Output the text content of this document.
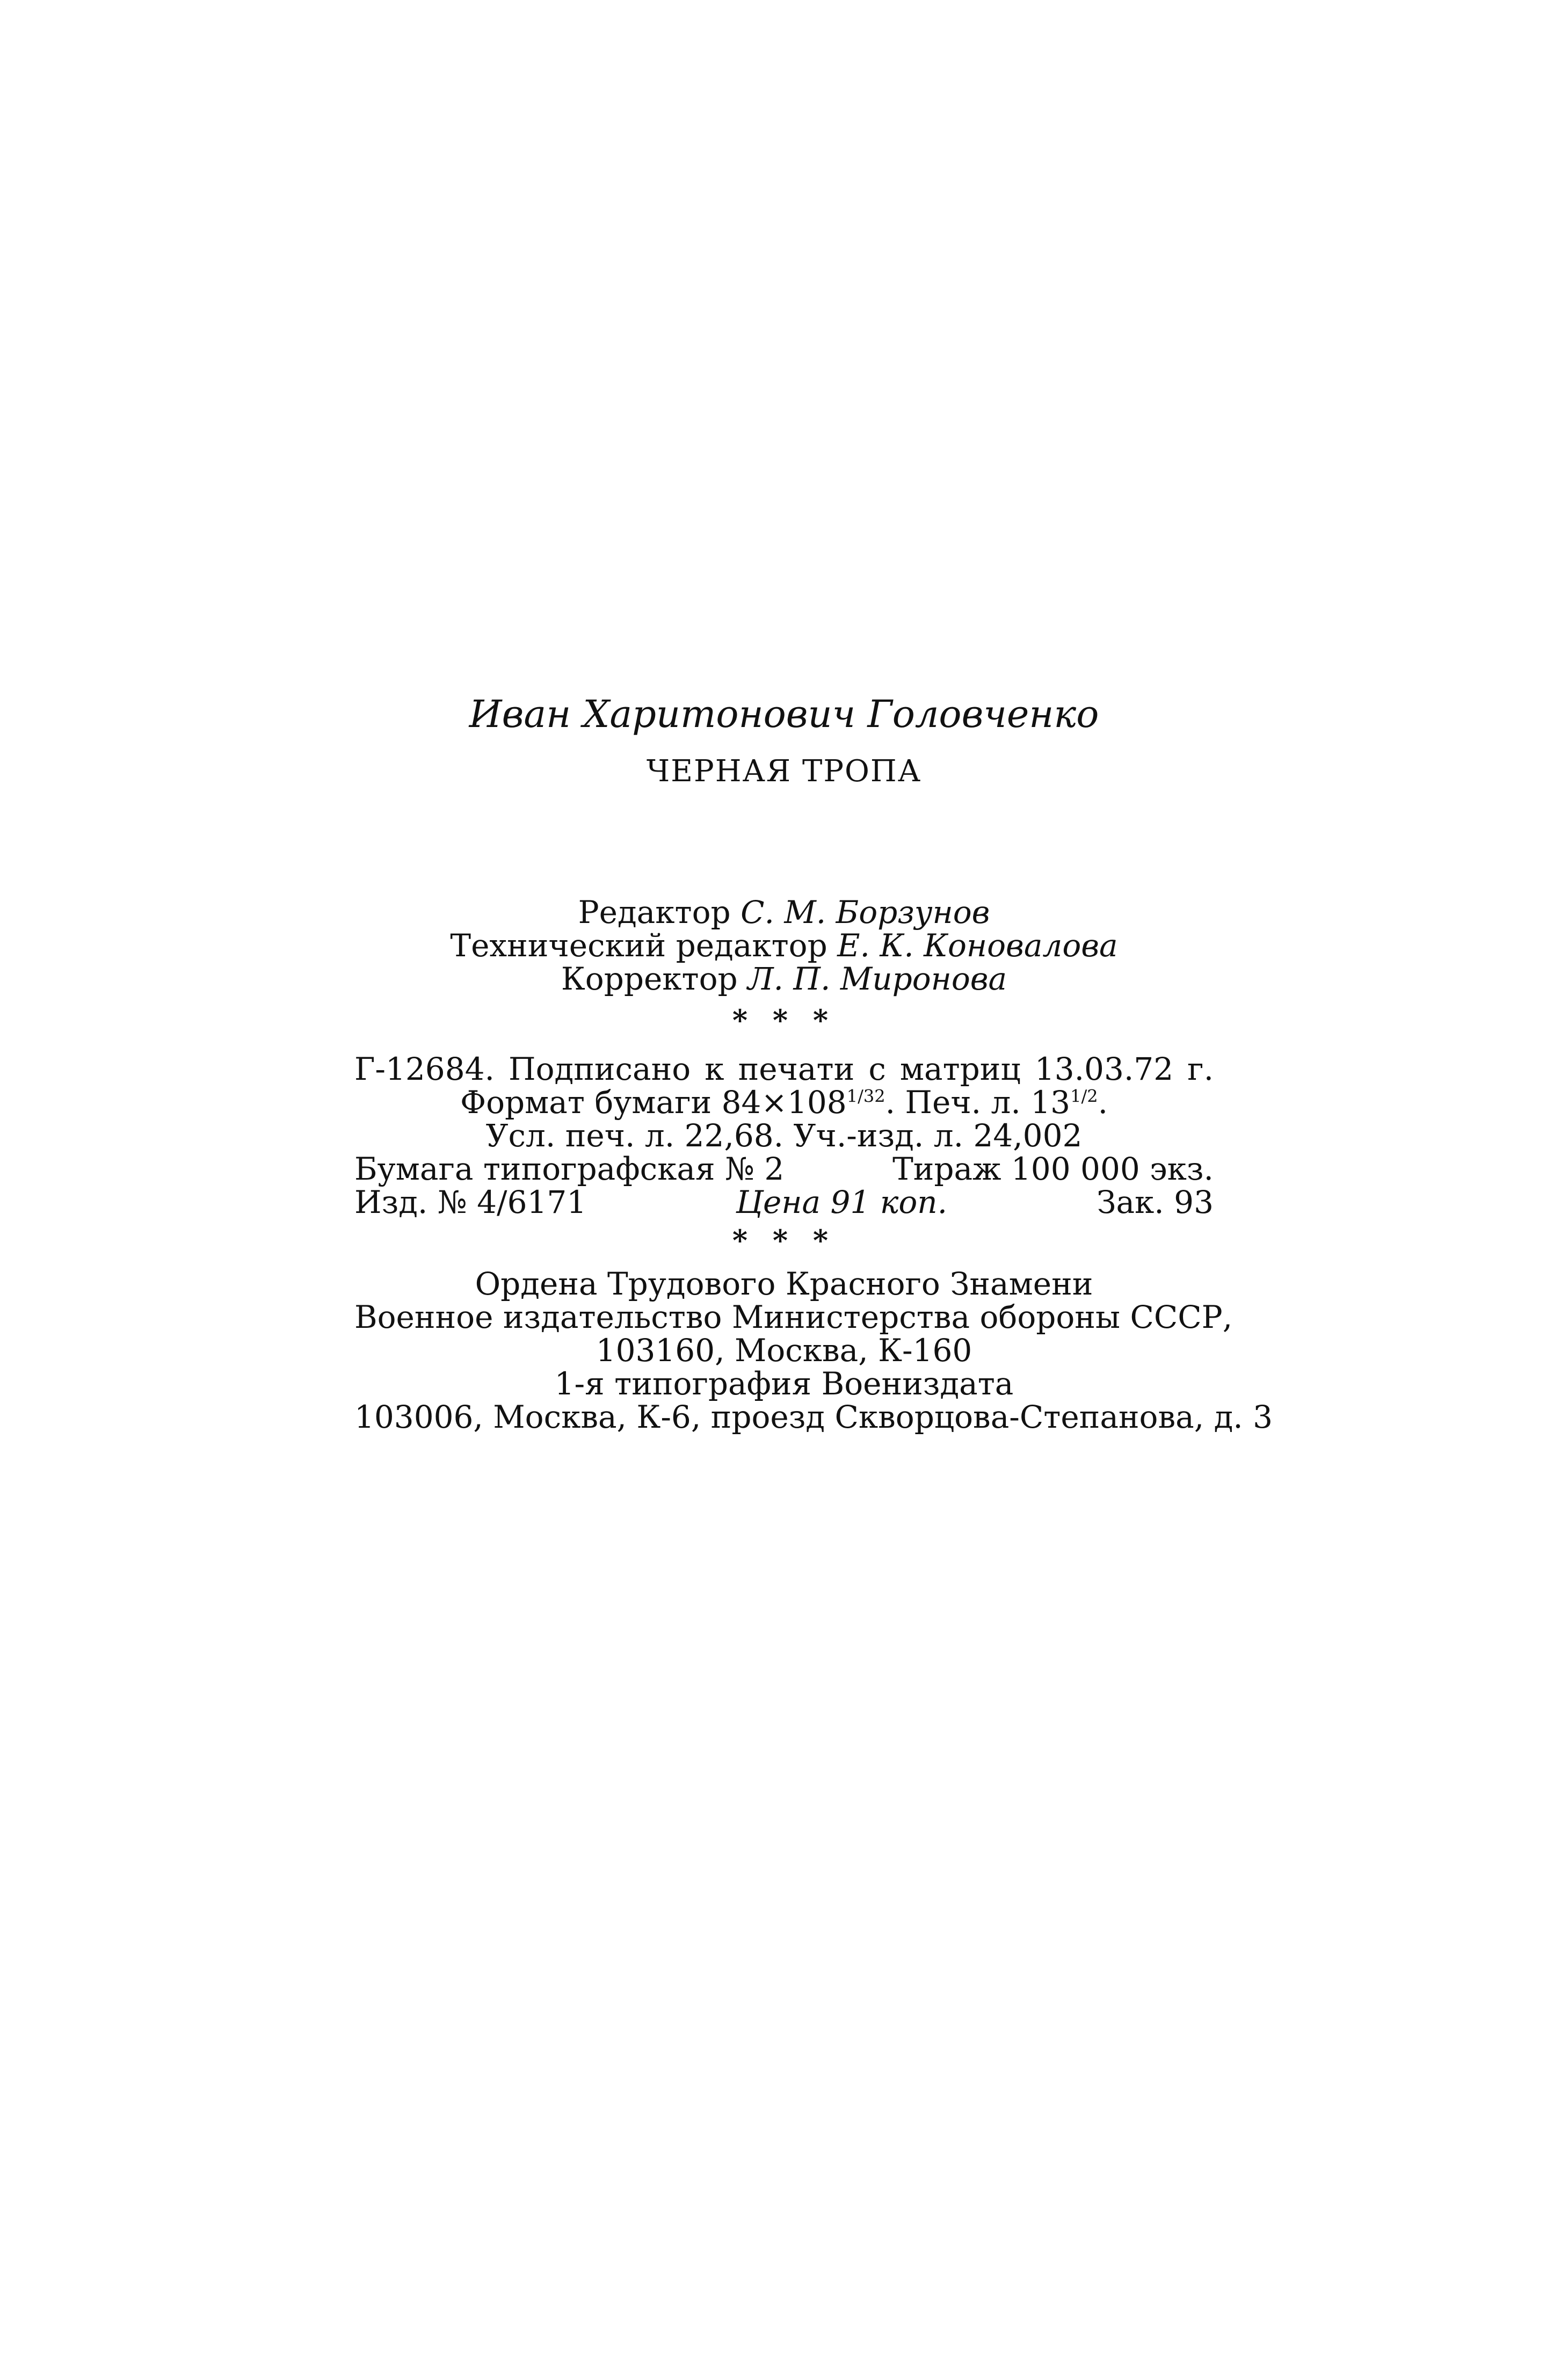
Иван Харитонович Головченко
ЧЕРНАЯ ТРОПА
Редактор С. М. Борзунов
Технический редактор Е. К. Коновалова
Корректор Л. П. Миронова
* * *
Г-12684. Подписано к печати с матриц 13.03.72 г.
Формат бумаги $84\times 108^{1/32}$. Печ. л. $13^{1/2}$.
Усл. печ. л. 22,68. Уч.-изд. л. 24,002
Бумага типографская № 2	Тираж 100 000 экз.
Изд. № 4/6171	Цена 91 коп.	Зак. 93
* * *
Ордена Трудового Красного Знамени
Военное издательство Министерства обороны СССР,
103160, Москва, К-160
1-я типография Воениздата
103006, Москва, К-6, проезд Скворцова-Степанова, д. 3
